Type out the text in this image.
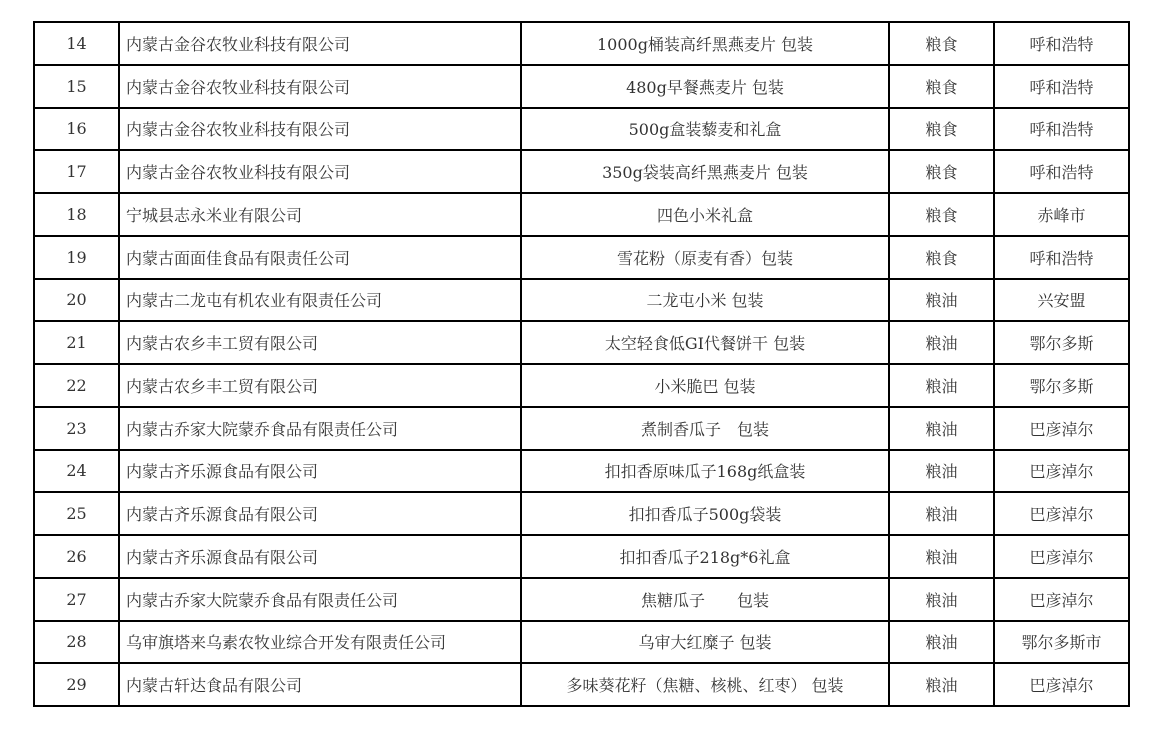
14	内蒙古金谷农牧业科技有限公司	1000g桶装高纤黑燕麦片 包装	粮食	呼和浩特
15	内蒙古金谷农牧业科技有限公司	480g早餐燕麦片 包装	粮食	呼和浩特
16	内蒙古金谷农牧业科技有限公司	500g盒装藜麦和礼盒	粮食	呼和浩特
17	内蒙古金谷农牧业科技有限公司	350g袋装高纤黑燕麦片 包装	粮食	呼和浩特
18	宁城县志永米业有限公司	四色小米礼盒	粮食	赤峰市
19	内蒙古面面佳食品有限责任公司	雪花粉（原麦有香）包装	粮食	呼和浩特
20	内蒙古二龙屯有机农业有限责任公司	二龙屯小米 包装	粮油	兴安盟
21	内蒙古农乡丰工贸有限公司	太空轻食低GI代餐饼干 包装	粮油	鄂尔多斯
22	内蒙古农乡丰工贸有限公司	小米脆巴 包装	粮油	鄂尔多斯
23	内蒙古乔家大院蒙乔食品有限责任公司	煮制香瓜子　包装	粮油	巴彦淖尔
24	内蒙古齐乐源食品有限公司	扣扣香原味瓜子168g纸盒装	粮油	巴彦淖尔
25	内蒙古齐乐源食品有限公司	扣扣香瓜子500g袋装	粮油	巴彦淖尔
26	内蒙古齐乐源食品有限公司	扣扣香瓜子218g*6礼盒	粮油	巴彦淖尔
27	内蒙古乔家大院蒙乔食品有限责任公司	焦糖瓜子　　包装	粮油	巴彦淖尔
28	乌审旗塔来乌素农牧业综合开发有限责任公司	乌审大红糜子 包装	粮油	鄂尔多斯市
29	内蒙古轩达食品有限公司	多味葵花籽（焦糖、核桃、红枣） 包装	粮油	巴彦淖尔
